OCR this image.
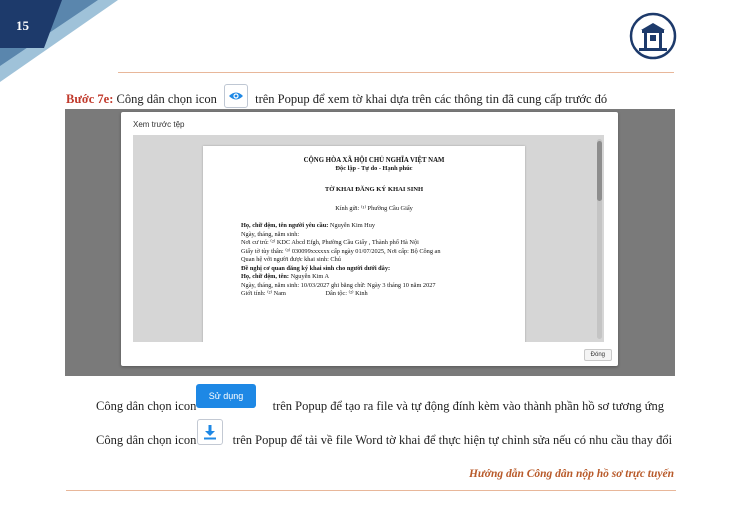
15
Bước 7e: Công dân chọn icon	trên Popup để xem tờ khai dựa trên các thông tin đã cung cấp trước đó
Xem trước tệp

CỘNG HÒA XÃ HỘI CHỦ NGHĨA VIỆT NAM

Độc lập - Tự do - Hạnh phúc

TỜ KHAI ĐĂNG KÝ KHAI SINH

Kính gửi: ⁽¹⁾ Phường Cầu Giấy

Họ, chữ đệm, tên người yêu cầu: Nguyễn Kim Huy

Ngày, tháng, năm sinh:

Nơi cư trú: ⁽²⁾ KDC Abcd Efgh, Phường Cầu Giấy , Thành phố Hà Nội

Giấy tờ tùy thân: ⁽³⁾ 030099xxxxxx cấp ngày 01/07/2025, Nơi cấp: Bộ Công an

Quan hệ với người được khai sinh: Chú

Đề nghị cơ quan đăng ký khai sinh cho người dưới đây:

Họ, chữ đệm, tên: Nguyễn Kim A

Ngày, tháng, năm sinh: 10/03/2027 ghi bằng chữ: Ngày 3 tháng 10 năm 2027

Giới tính: ⁽²⁾ Nam	Dân tộc: ⁽²⁾ Kinh

Đóng
Công dân chọn icon	trên Popup để tạo ra file và tự động đính kèm vào thành phần hồ sơ tương ứng
Sử dụng
Công dân chọn icon	trên Popup để tải về file Word tờ khai để thực hiện tự chỉnh sửa nếu có nhu cầu thay đổi
Hướng dẫn Công dân nộp hồ sơ trực tuyến
